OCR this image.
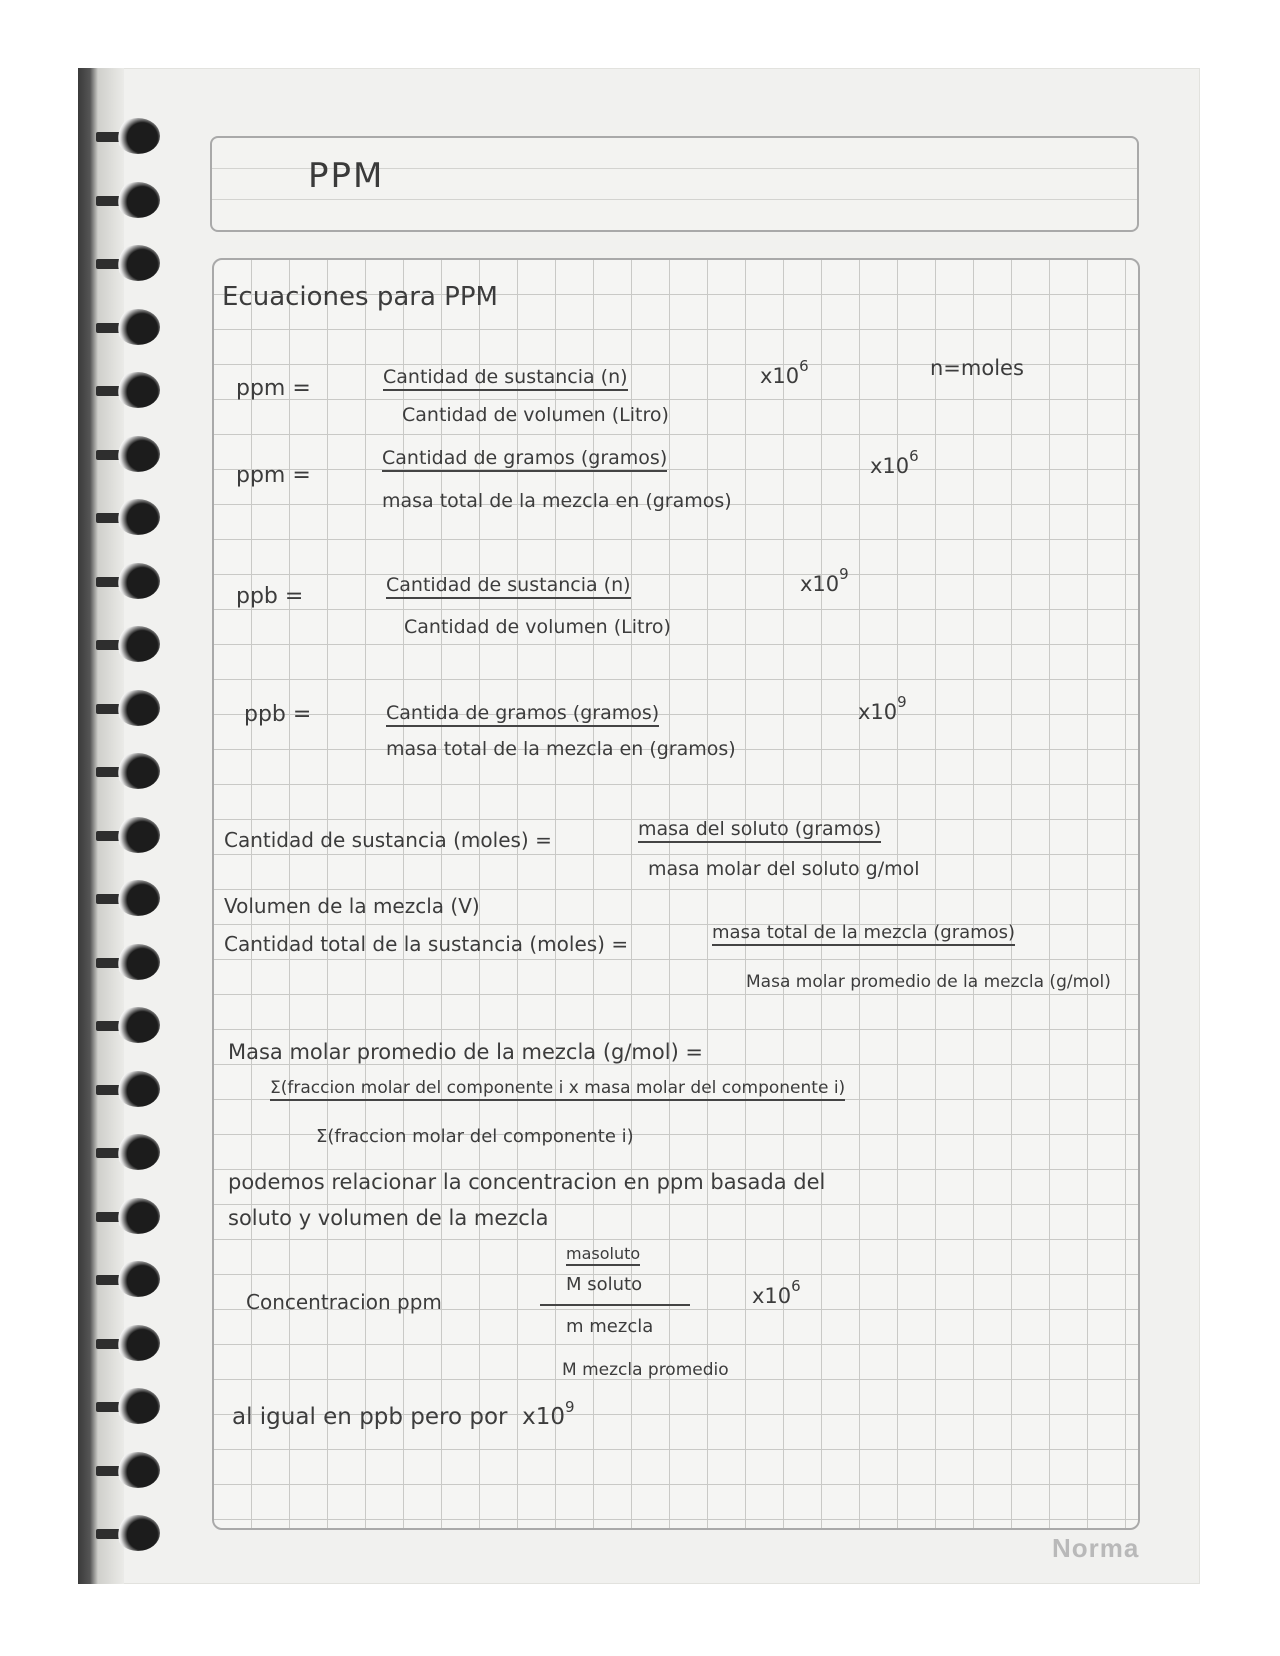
PPM
Ecuaciones para PPM
ppm =	Cantidad de sustancia (n)
Cantidad de volumen (Litro)
$x10^6$	n=moles
ppm =
Cantidad de gramos (gramos)
masa total de la mezcla en (gramos)
$x10^6$
ppb =	Cantidad de sustancia (n)
Cantidad de volumen (Litro)
$x10^9$
ppb =	Cantida de gramos (gramos)
masa total de la mezcla en (gramos)
$x10^9$
Cantidad de sustancia (moles) =	masa del soluto (gramos)
masa molar del soluto g/mol
Volumen de la mezcla (V)
Cantidad total de la sustancia (moles) =	masa total de la mezcla (gramos)
Masa molar promedio de la mezcla (g/mol)
Masa molar promedio de la mezcla (g/mol) =
Σ(fraccion molar del componente i x masa molar del componente i)
Σ(fraccion molar del componente i)
podemos relacionar la concentracion en ppm basada del
soluto y volumen de la mezcla
Concentracion ppm
masoluto
M soluto
m mezcla
M mezcla promedio
$x10^6$
al igual en ppb pero por $x10^9$
Norma
